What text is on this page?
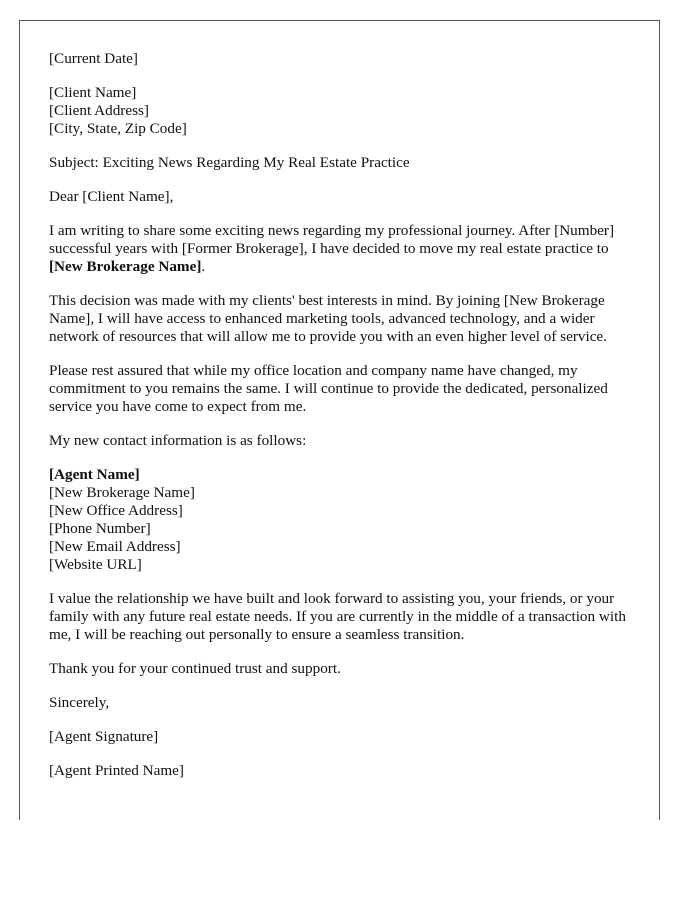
[Current Date]
[Client Name]
[Client Address]
[City, State, Zip Code]
Subject: Exciting News Regarding My Real Estate Practice
Dear [Client Name],
I am writing to share some exciting news regarding my professional journey. After [Number] successful years with [Former Brokerage], I have decided to move my real estate practice to [New Brokerage Name].
This decision was made with my clients' best interests in mind. By joining [New Brokerage Name], I will have access to enhanced marketing tools, advanced technology, and a wider network of resources that will allow me to provide you with an even higher level of service.
Please rest assured that while my office location and company name have changed, my commitment to you remains the same. I will continue to provide the dedicated, personalized service you have come to expect from me.
My new contact information is as follows:
[Agent Name]
[New Brokerage Name]
[New Office Address]
[Phone Number]
[New Email Address]
[Website URL]
I value the relationship we have built and look forward to assisting you, your friends, or your family with any future real estate needs. If you are currently in the middle of a transaction with me, I will be reaching out personally to ensure a seamless transition.
Thank you for your continued trust and support.
Sincerely,
[Agent Signature]
[Agent Printed Name]
